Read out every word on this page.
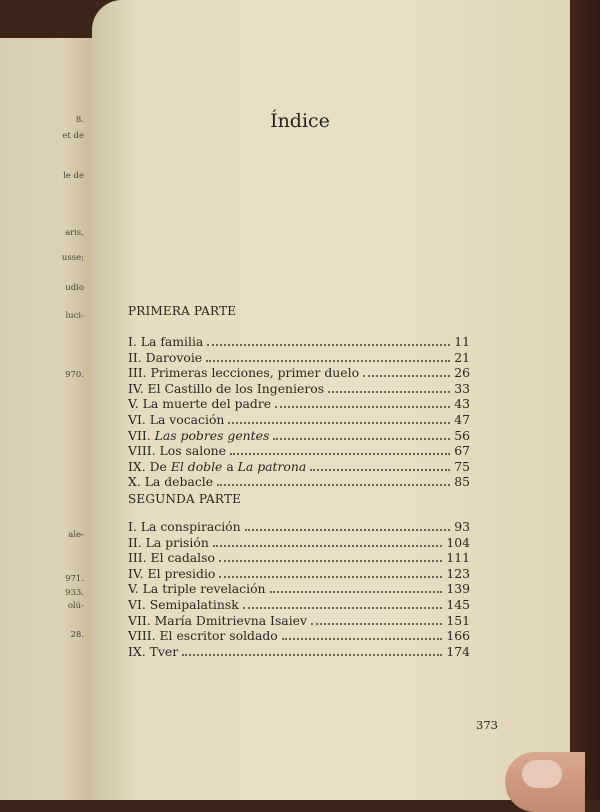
8.
et de
le de
aris,
usse;
udio
luci-
970.
ale-
971.
933.
olú-
28.
Índice
373
PRIMERA PARTE
I. La familia	11
II. Darovoie	21
III. Primeras lecciones, primer duelo	26
IV. El Castillo de los Ingenieros	33
V. La muerte del padre	43
VI. La vocación	47
VII. Las pobres gentes	56
VIII. Los salone	67
IX. De El doble a La patrona	75
X. La debacle	85
SEGUNDA PARTE
I. La conspiración	93
II. La prisión	104
III. El cadalso	111
IV. El presidio	123
V. La triple revelación	139
VI. Semipalatinsk	145
VII. María Dmitrievna Isaiev	151
VIII. El escritor soldado	166
IX. Tver	174
